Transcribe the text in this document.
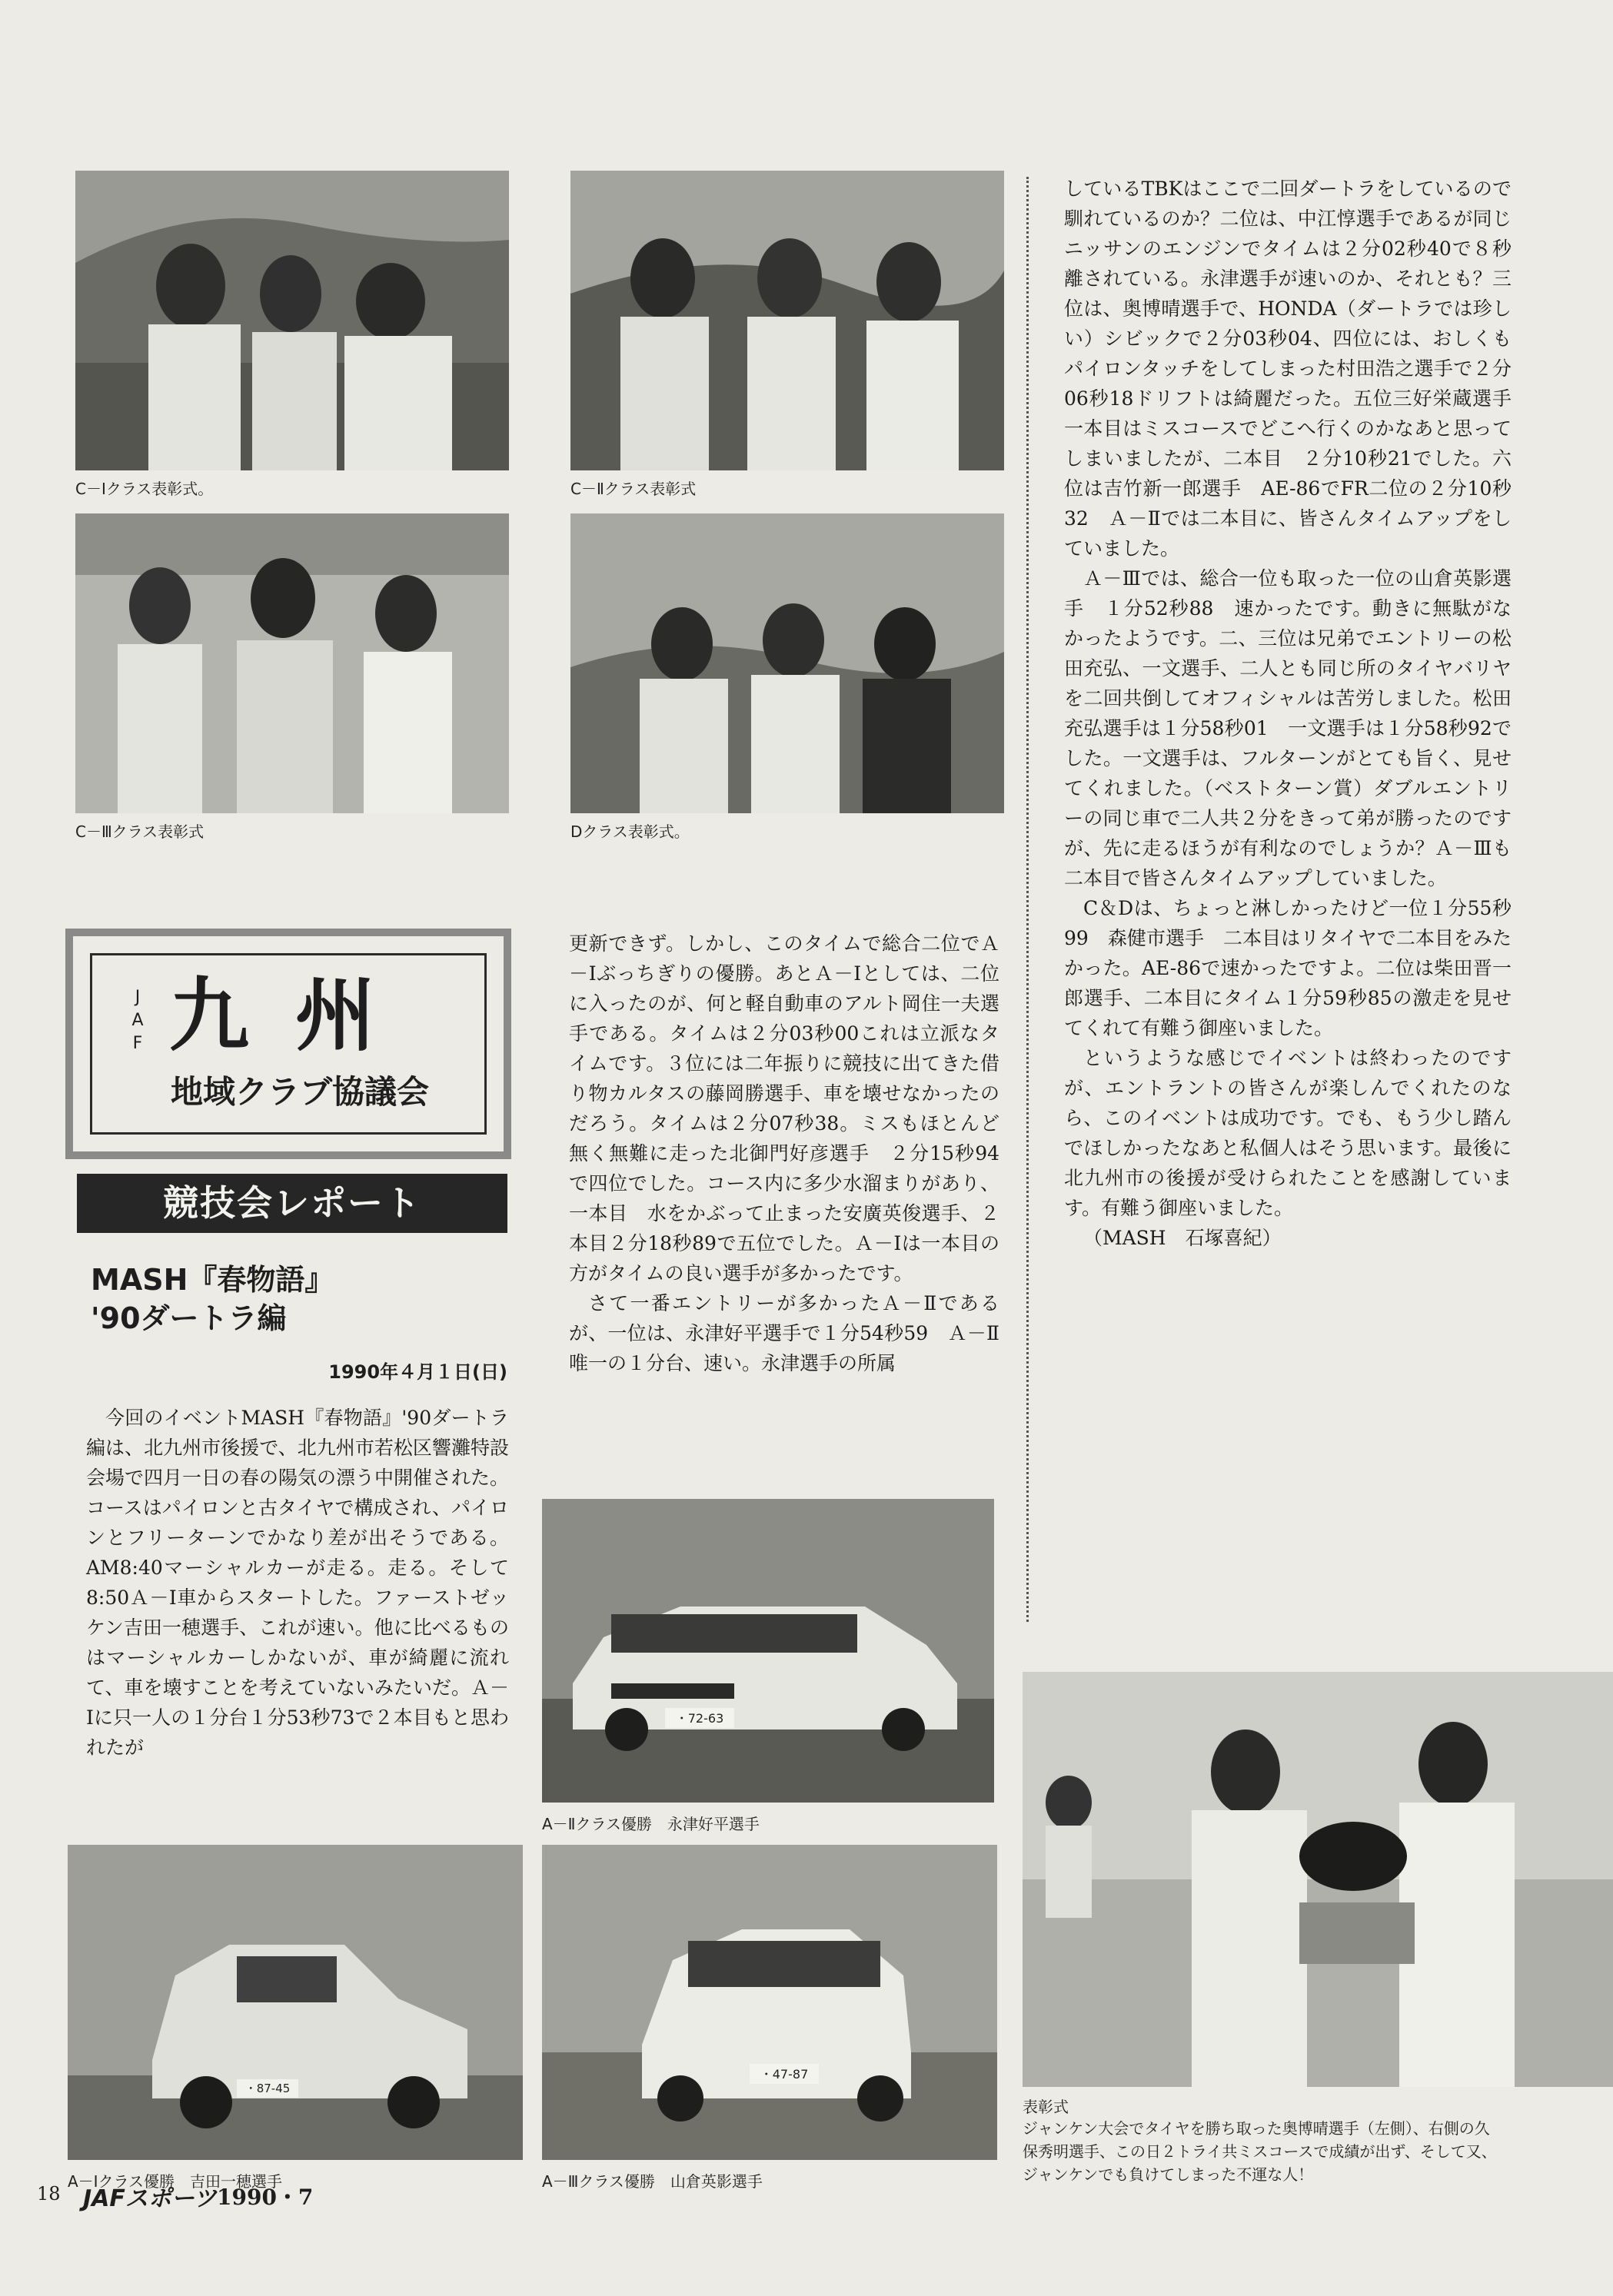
C－Ⅰクラス表彰式。	C－Ⅱクラス表彰式
C－Ⅲクラス表彰式	Dクラス表彰式。
J
A
F 九州
地域クラブ協議会
競技会レポート
MASH『春物語』
'90ダートラ編
1990年４月１日(日)

今回のイベントMASH『春物語』'90ダートラ編は、北九州市後援で、北九州市若松区響灘特設会場で四月一日の春の陽気の漂う中開催された。コースはパイロンと古タイヤで構成され、パイロンとフリーターンでかなり差が出そうである。AM8:40マーシャルカーが走る。走る。そして8:50Ａ－Ⅰ車からスタートした。ファーストゼッケン吉田一穂選手、これが速い。他に比べるものはマーシャルカーしかないが、車が綺麗に流れて、車を壊すことを考えていないみたいだ。Ａ－Ⅰに只一人の１分台１分53秒73で２本目もと思われたが

更新できず。しかし、このタイムで総合二位でＡ－Ⅰぶっちぎりの優勝。あとＡ－Ⅰとしては、二位に入ったのが、何と軽自動車のアルト岡住一夫選手である。タイムは２分03秒00これは立派なタイムです。３位には二年振りに競技に出てきた借り物カルタスの藤岡勝選手、車を壊せなかったのだろう。タイムは２分07秒38。ミスもほとんど無く無難に走った北御門好彦選手　２分15秒94で四位でした。コース内に多少水溜まりがあり、一本目　水をかぶって止まった安廣英俊選手、２本目２分18秒89で五位でした。Ａ－Ⅰは一本目の方がタイムの良い選手が多かったです。

さて一番エントリーが多かったＡ－Ⅱであるが、一位は、永津好平選手で１分54秒59　Ａ－Ⅱ唯一の１分台、速い。永津選手の所属

しているTBKはここで二回ダートラをしているので馴れているのか？二位は、中江惇選手であるが同じニッサンのエンジンでタイムは２分02秒40で８秒離されている。永津選手が速いのか、それとも？三位は、奥博晴選手で、HONDA（ダートラでは珍しい）シビックで２分03秒04、四位には、おしくもパイロンタッチをしてしまった村田浩之選手で２分06秒18ドリフトは綺麗だった。五位三好栄蔵選手　一本目はミスコースでどこへ行くのかなあと思ってしまいましたが、二本目　２分10秒21でした。六位は吉竹新一郎選手　AE-86でFR二位の２分10秒32　Ａ－Ⅱでは二本目に、皆さんタイムアップをしていました。

Ａ－Ⅲでは、総合一位も取った一位の山倉英影選手　１分52秒88　速かったです。動きに無駄がなかったようです。二、三位は兄弟でエントリーの松田充弘、一文選手、二人とも同じ所のタイヤバリヤを二回共倒してオフィシャルは苦労しました。松田充弘選手は１分58秒01　一文選手は１分58秒92でした。一文選手は、フルターンがとても旨く、見せてくれました。（ベストターン賞）ダブルエントリーの同じ車で二人共２分をきって弟が勝ったのですが、先に走るほうが有利なのでしょうか？Ａ－Ⅲも二本目で皆さんタイムアップしていました。

C＆Dは、ちょっと淋しかったけど一位１分55秒99　森健市選手　二本目はリタイヤで二本目をみたかった。AE-86で速かったですよ。二位は柴田晋一郎選手、二本目にタイム１分59秒85の激走を見せてくれて有難う御座いました。

というような感じでイベントは終わったのですが、エントラントの皆さんが楽しんでくれたのなら、このイベントは成功です。でも、もう少し踏んでほしかったなあと私個人はそう思います。最後に北九州市の後援が受けられたことを感謝しています。有難う御座いました。

（MASH　石塚喜紀）

・72-63
A－Ⅱクラス優勝　永津好平選手
・87-45
A－Ⅰクラス優勝　吉田一穂選手
・47-87
A－Ⅲクラス優勝　山倉英影選手
表彰式
ジャンケン大会でタイヤを勝ち取った奥博晴選手（左側）、右側の久保秀明選手、この日２トライ共ミスコースで成績が出ず、そして又、ジャンケンでも負けてしまった不運な人！
18 JAFスポーツ 1990・7
